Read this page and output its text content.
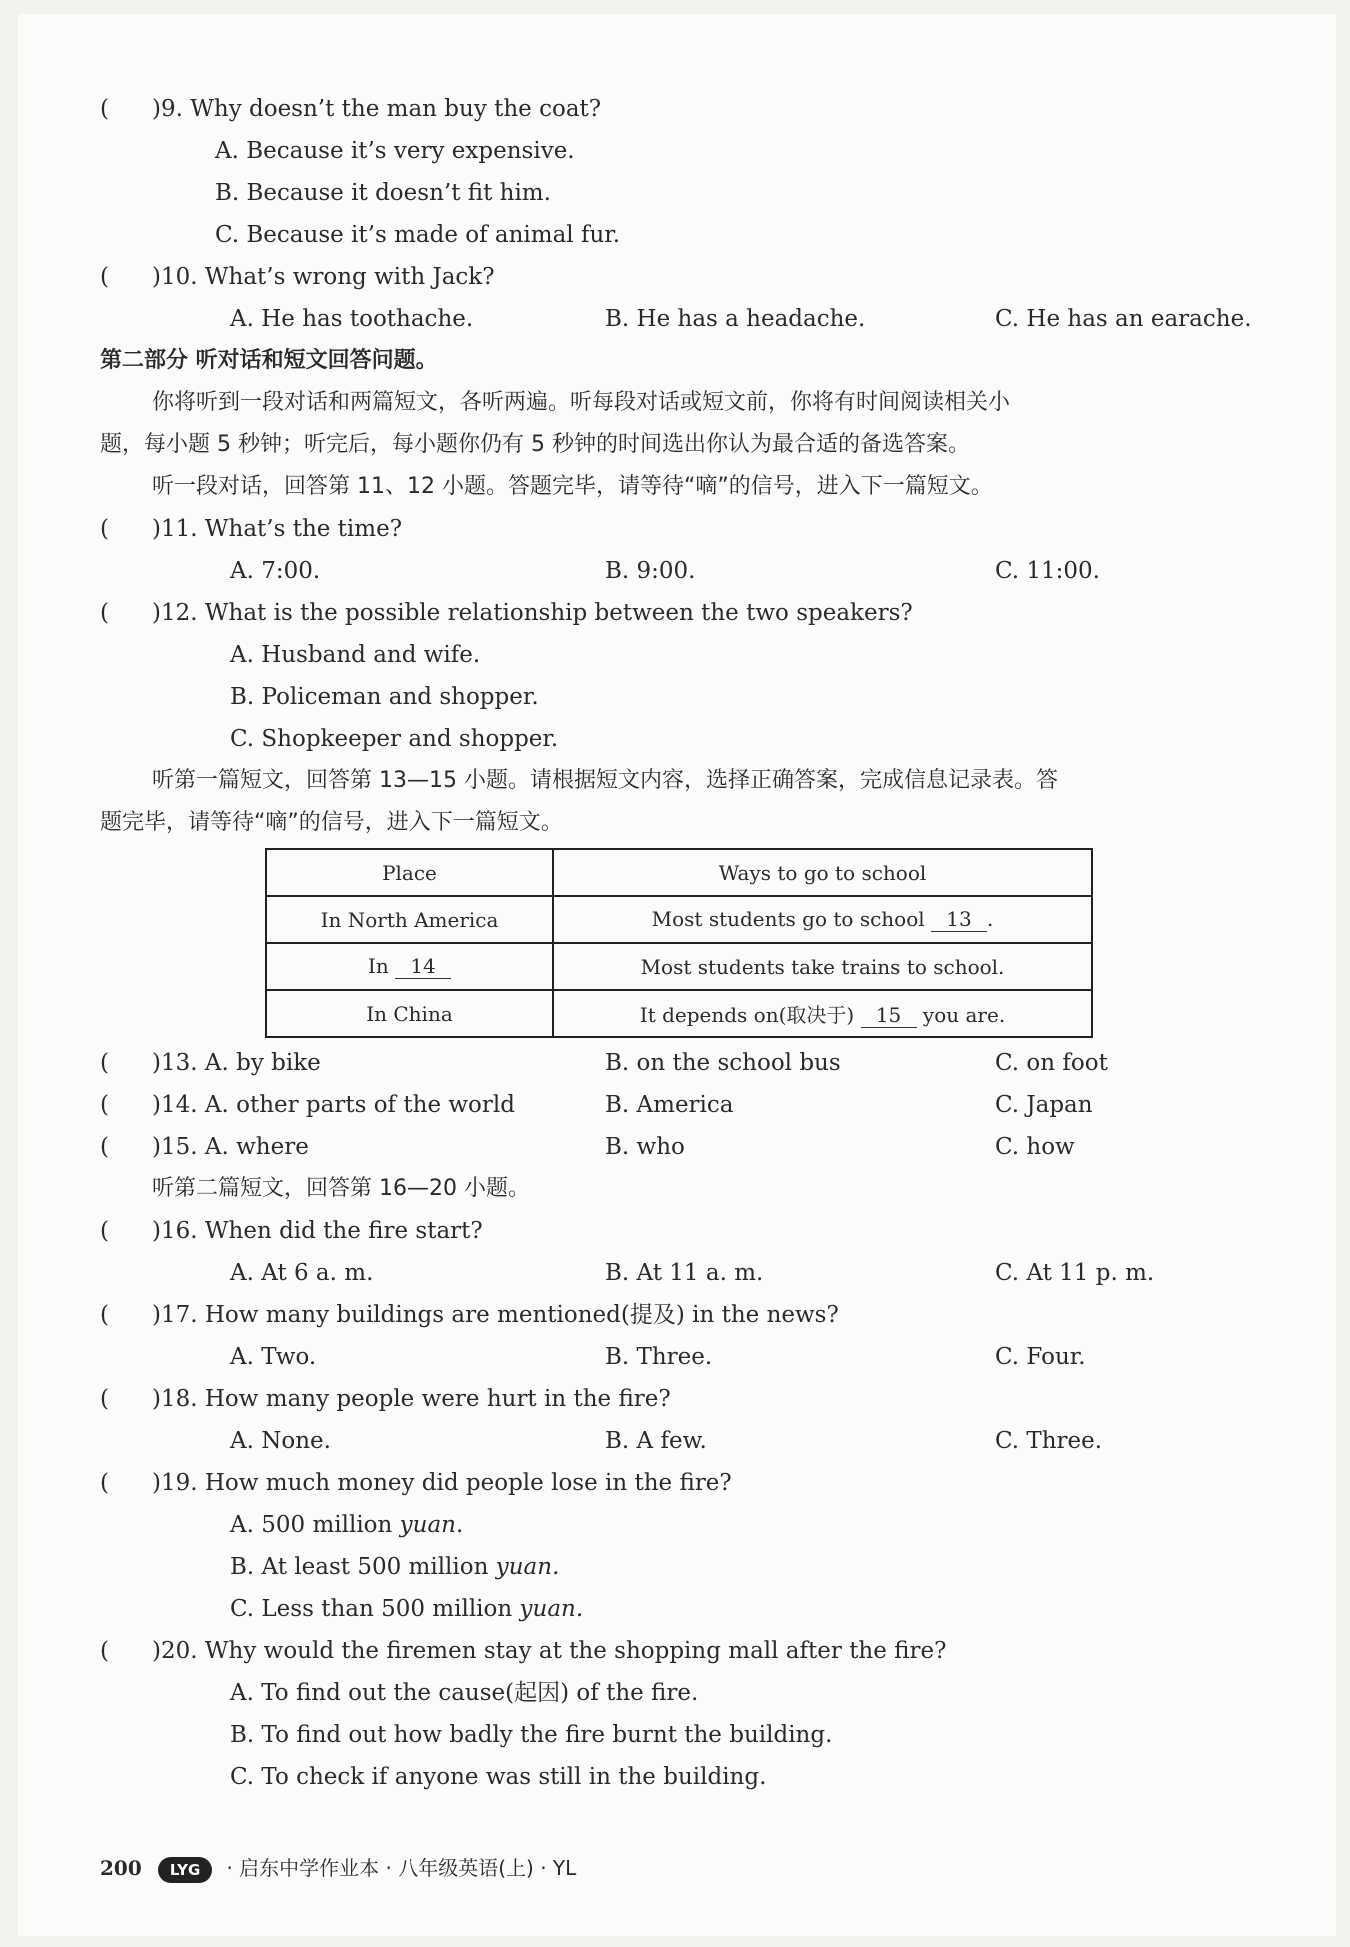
( )9. Why doesn’t the man buy the coat?
A. Because it’s very expensive.
B. Because it doesn’t fit him.
C. Because it’s made of animal fur.
( )10. What’s wrong with Jack?
A. He has toothache.	B. He has a headache.	C. He has an earache.
第二部分 听对话和短文回答问题。
你将听到一段对话和两篇短文，各听两遍。听每段对话或短文前，你将有时间阅读相关小
题，每小题 5 秒钟；听完后，每小题你仍有 5 秒钟的时间选出你认为最合适的备选答案。
听一段对话，回答第 11、12 小题。答题完毕，请等待“嘀”的信号，进入下一篇短文。
( )11. What’s the time?
A. 7:00.	B. 9:00.	C. 11:00.
( )12. What is the possible relationship between the two speakers?
A. Husband and wife.
B. Policeman and shopper.
C. Shopkeeper and shopper.
听第一篇短文，回答第 13—15 小题。请根据短文内容，选择正确答案，完成信息记录表。答
题完毕，请等待“嘀”的信号，进入下一篇短文。
Place	Ways to go to school
In North America	Most students go to school 13 .
In 14	Most students take trains to school.
In China	It depends on(取决于) 15 you are.
( )13. A. by bike	B. on the school bus	C. on foot
( )14. A. other parts of the world	B. America	C. Japan
( )15. A. where	B. who	C. how
听第二篇短文，回答第 16—20 小题。
( )16. When did the fire start?
A. At 6 a. m.	B. At 11 a. m.	C. At 11 p. m.
( )17. How many buildings are mentioned(提及) in the news?
A. Two.	B. Three.	C. Four.
( )18. How many people were hurt in the fire?
A. None.	B. A few.	C. Three.
( )19. How much money did people lose in the fire?
A. 500 million yuan.
B. At least 500 million yuan.
C. Less than 500 million yuan.
( )20. Why would the firemen stay at the shopping mall after the fire?
A. To find out the cause(起因) of the fire.
B. To find out how badly the fire burnt the building.
C. To check if anyone was still in the building.
200 LYG · 启东中学作业本 · 八年级英语(上) · YL
